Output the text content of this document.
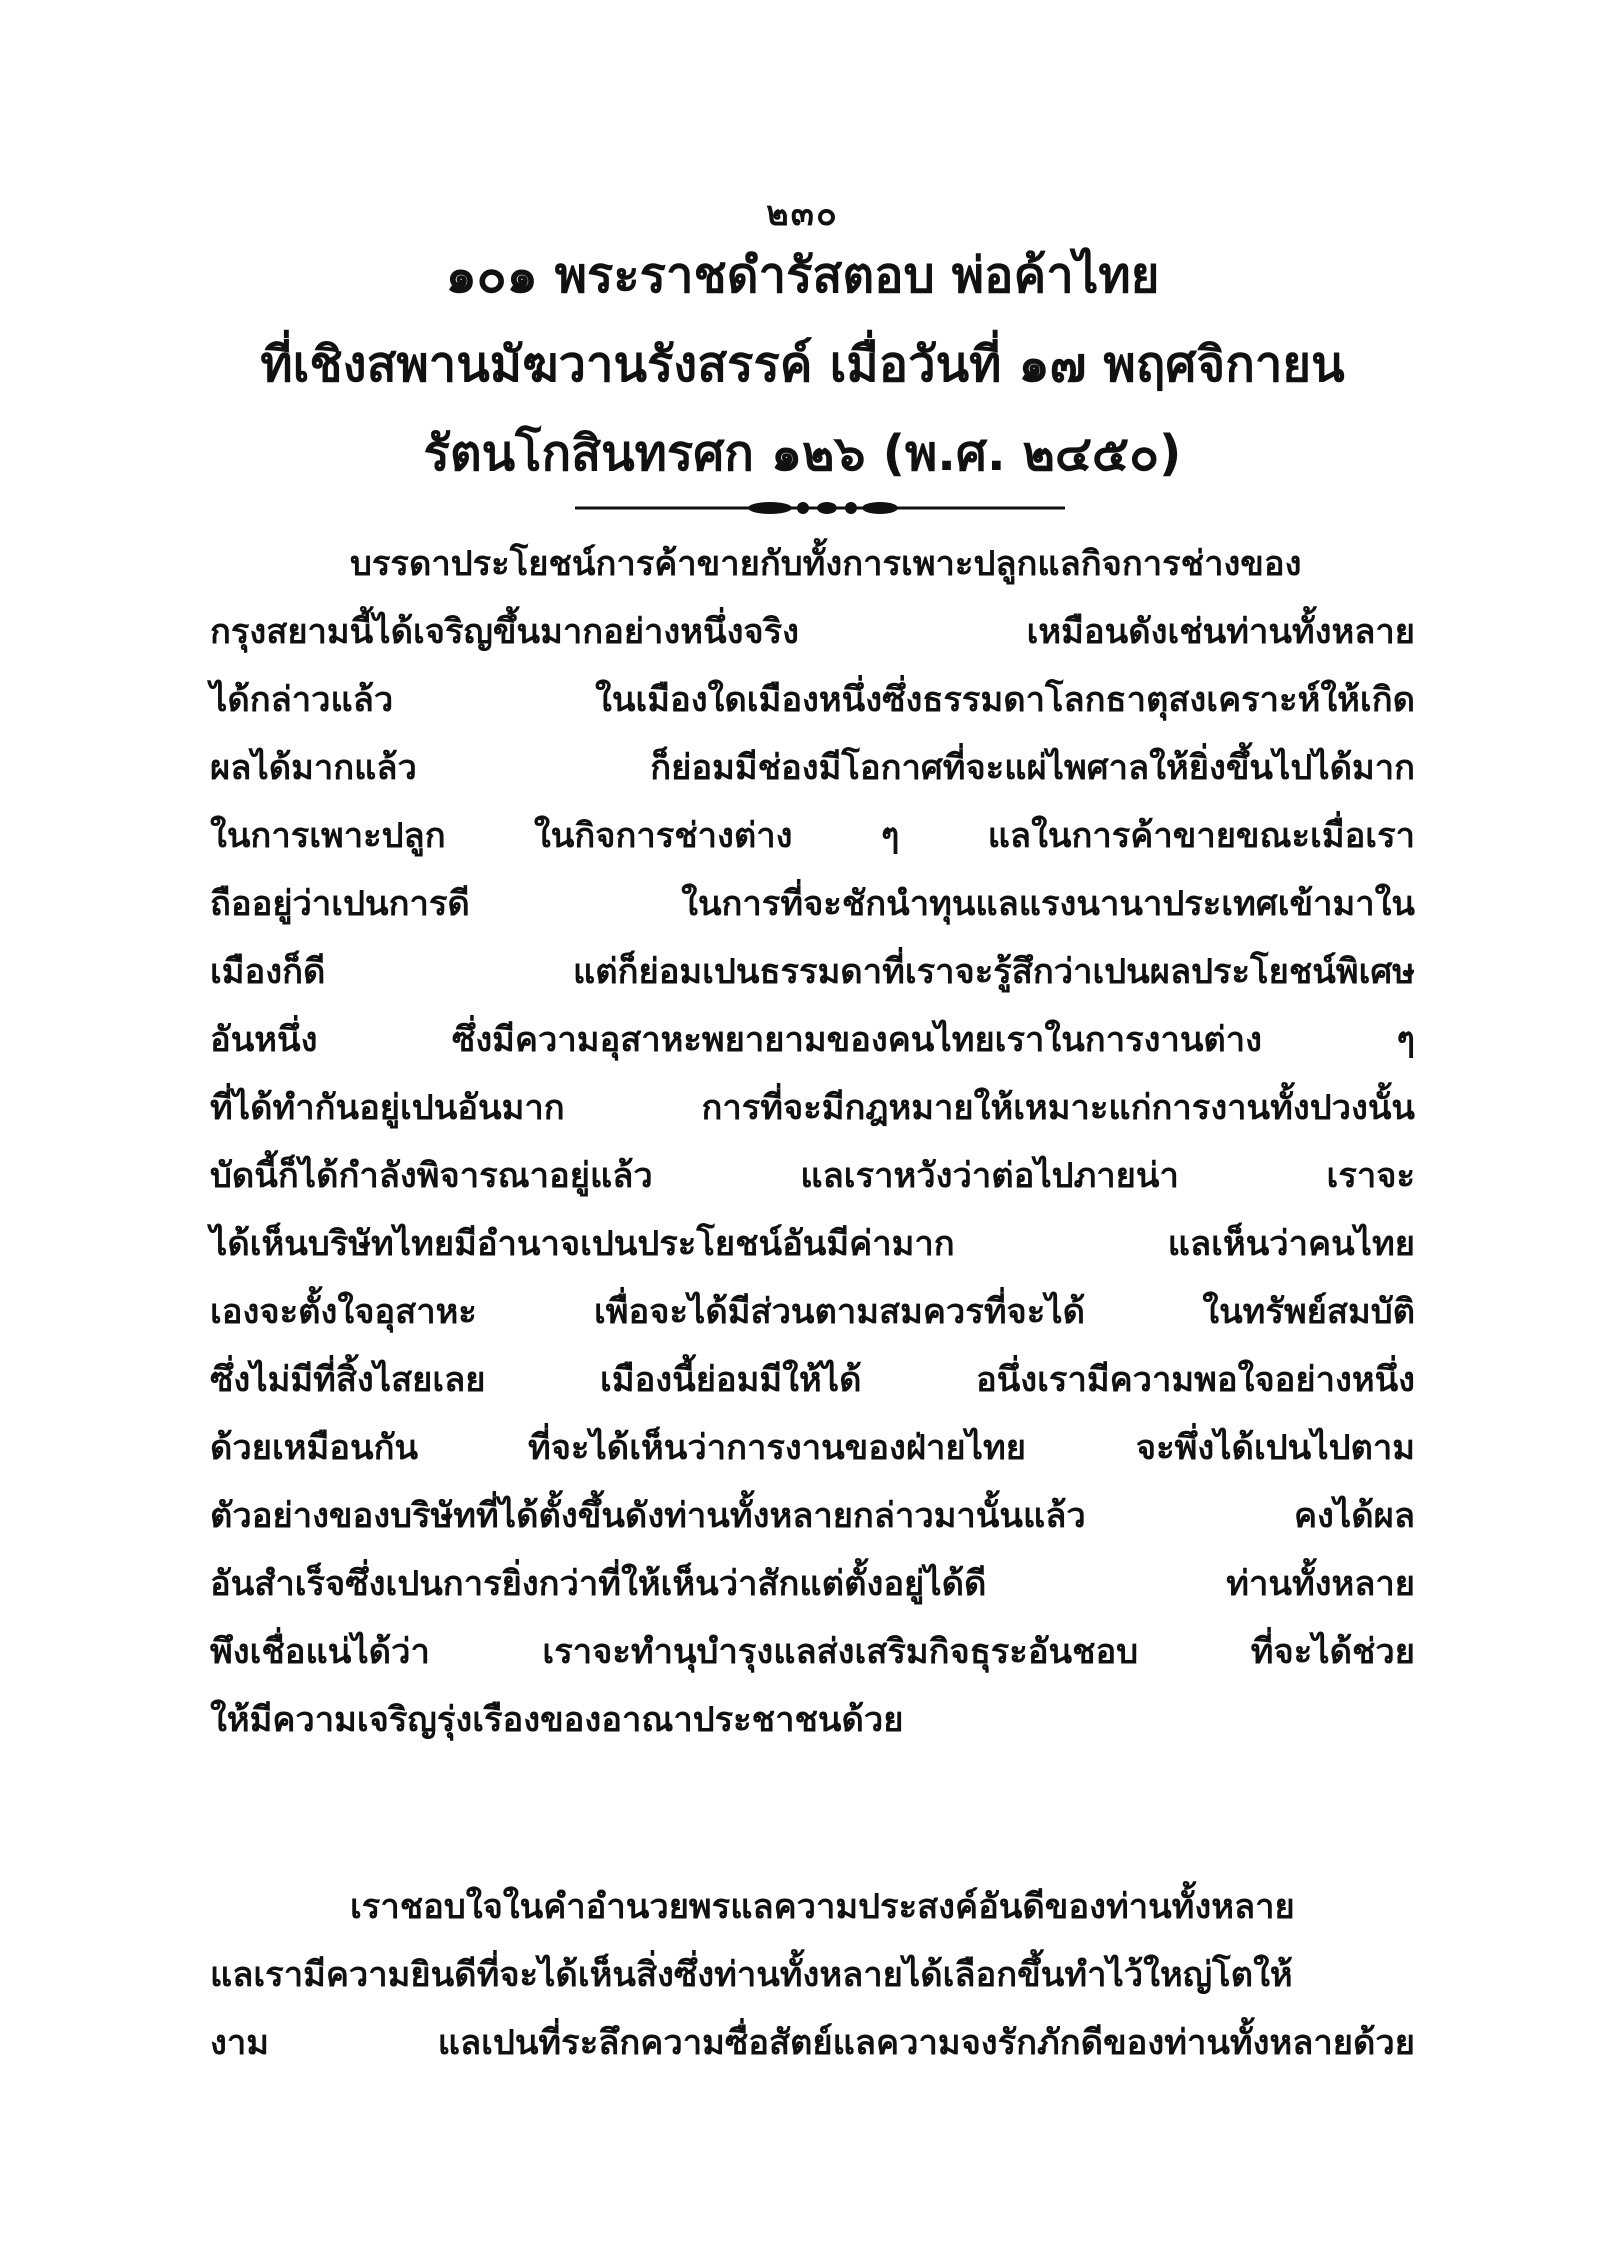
๒๓๐
๑๐๑ พระราชดำรัสตอบ พ่อค้าไทย
ที่เชิงสพานมัฆวานรังสรรค์ เมื่อวันที่ ๑๗ พฤศจิกายน
รัตนโกสินทรศก ๑๒๖ (พ.ศ. ๒๔๕๐)
บรรดาประโยชน์การค้าขายกับทั้งการเพาะปลูกแลกิจการช่างของ
กรุงสยามนี้ได้เจริญขึ้นมากอย่างหนึ่งจริง เหมือนดังเช่นท่านทั้งหลาย
ได้กล่าวแล้ว ในเมืองใดเมืองหนึ่งซึ่งธรรมดาโลกธาตุสงเคราะห์ให้เกิด
ผลได้มากแล้ว ก็ย่อมมีช่องมีโอกาศที่จะแผ่ไพศาลให้ยิ่งขึ้นไปได้มาก
ในการเพาะปลูก ในกิจการช่างต่าง ๆ แลในการค้าขายขณะเมื่อเรา
ถืออยู่ว่าเปนการดี ในการที่จะชักนำทุนแลแรงนานาประเทศเข้ามาใน
เมืองก็ดี แต่ก็ย่อมเปนธรรมดาที่เราจะรู้สึกว่าเปนผลประโยชน์พิเศษ
อันหนึ่ง ซึ่งมีความอุสาหะพยายามของคนไทยเราในการงานต่าง ๆ
ที่ได้ทำกันอยู่เปนอันมาก การที่จะมีกฎหมายให้เหมาะแก่การงานทั้งปวงนั้น
บัดนี้ก็ได้กำลังพิจารณาอยู่แล้ว แลเราหวังว่าต่อไปภายน่า เราจะ
ได้เห็นบริษัทไทยมีอำนาจเปนประโยชน์อันมีค่ามาก แลเห็นว่าคนไทย
เองจะตั้งใจอุสาหะ เพื่อจะได้มีส่วนตามสมควรที่จะได้ ในทรัพย์สมบัติ
ซึ่งไม่มีที่สิ้งไสยเลย เมืองนี้ย่อมมีให้ได้ อนึ่งเรามีความพอใจอย่างหนึ่ง
ด้วยเหมือนกัน ที่จะได้เห็นว่าการงานของฝ่ายไทย จะพึ่งได้เปนไปตาม
ตัวอย่างของบริษัทที่ได้ตั้งขึ้นดังท่านทั้งหลายกล่าวมานั้นแล้ว คงได้ผล
อันสำเร็จซึ่งเปนการยิ่งกว่าที่ให้เห็นว่าสักแต่ตั้งอยู่ได้ดี ท่านทั้งหลาย
พึงเชื่อแน่ได้ว่า เราจะทำนุบำรุงแลส่งเสริมกิจธุระอันชอบ ที่จะได้ช่วย
ให้มีความเจริญรุ่งเรืองของอาณาประชาชนด้วย
เราชอบใจในคำอำนวยพรแลความประสงค์อันดีของท่านทั้งหลาย
แลเรามีความยินดีที่จะได้เห็นสิ่งซึ่งท่านทั้งหลายได้เลือกขึ้นทำไว้ใหญ่โตให้
งาม แลเปนที่ระลึกความซื่อสัตย์แลความจงรักภักดีของท่านทั้งหลายด้วย
